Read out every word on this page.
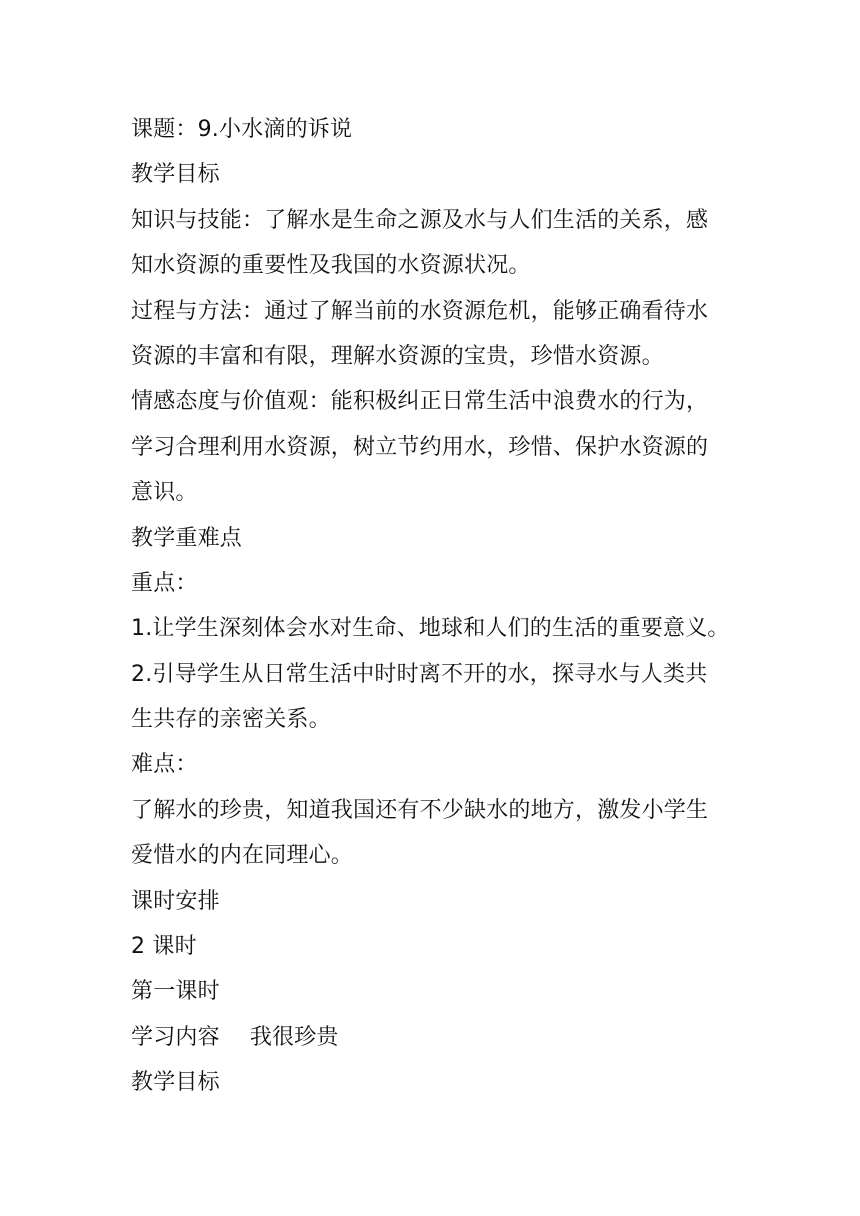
课题：9.小水滴的诉说
教学目标
知识与技能：了解水是生命之源及水与人们生活的关系，感
知水资源的重要性及我国的水资源状况。
过程与方法：通过了解当前的水资源危机，能够正确看待水
资源的丰富和有限，理解水资源的宝贵，珍惜水资源。
情感态度与价值观：能积极纠正日常生活中浪费水的行为，
学习合理利用水资源，树立节约用水，珍惜、保护水资源的
意识。
教学重难点
重点：
1.让学生深刻体会水对生命、地球和人们的生活的重要意义。
2.引导学生从日常生活中时时离不开的水，探寻水与人类共
生共存的亲密关系。
难点：
了解水的珍贵，知道我国还有不少缺水的地方，激发小学生
爱惜水的内在同理心。
课时安排
2 课时
第一课时
学习内容 我很珍贵
教学目标
